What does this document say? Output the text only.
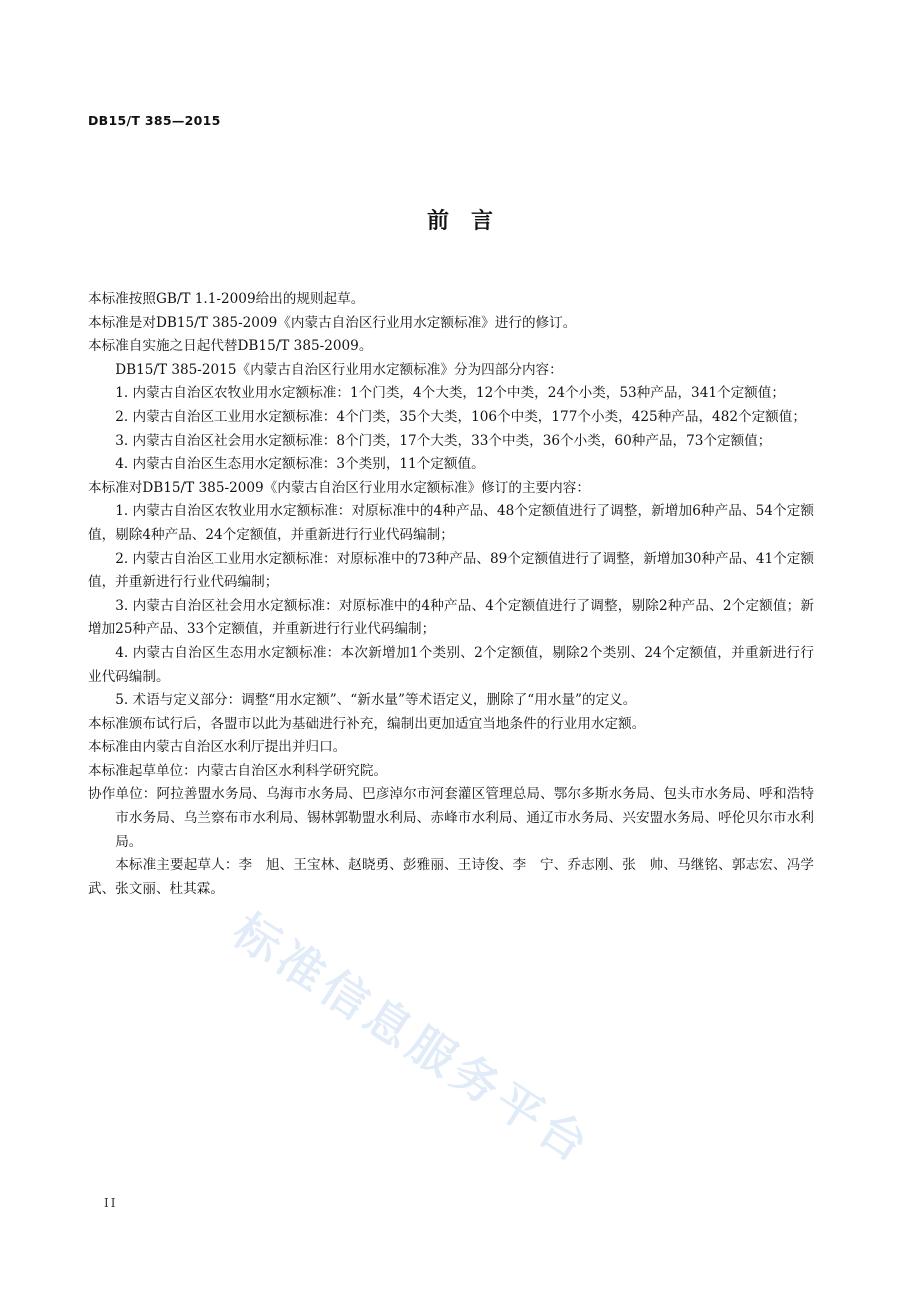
DB15/T 385—2015
前　言

本标准按照GB/T 1.1-2009给出的规则起草。

本标准是对DB15/T 385-2009《内蒙古自治区行业用水定额标准》进行的修订。

本标准自实施之日起代替DB15/T 385-2009。

DB15/T 385-2015《内蒙古自治区行业用水定额标准》分为四部分内容：

1. 内蒙古自治区农牧业用水定额标准：1个门类，4个大类，12个中类，24个小类，53种产品，341个定额值；

2. 内蒙古自治区工业用水定额标准：4个门类，35个大类，106个中类，177个小类，425种产品，482个定额值；

3. 内蒙古自治区社会用水定额标准：8个门类，17个大类，33个中类，36个小类，60种产品，73个定额值；

4. 内蒙古自治区生态用水定额标准：3个类别，11个定额值。

本标准对DB15/T 385-2009《内蒙古自治区行业用水定额标准》修订的主要内容：

1. 内蒙古自治区农牧业用水定额标准：对原标准中的4种产品、48个定额值进行了调整，新增加6种产品、54个定额值，剔除4种产品、24个定额值，并重新进行行业代码编制；

2. 内蒙古自治区工业用水定额标准：对原标准中的73种产品、89个定额值进行了调整，新增加30种产品、41个定额值，并重新进行行业代码编制；

3. 内蒙古自治区社会用水定额标准：对原标准中的4种产品、4个定额值进行了调整，剔除2种产品、2个定额值；新增加25种产品、33个定额值，并重新进行行业代码编制；

4. 内蒙古自治区生态用水定额标准：本次新增加1个类别、2个定额值，剔除2个类别、24个定额值，并重新进行行业代码编制。

5. 术语与定义部分：调整“用水定额”、“新水量”等术语定义，删除了“用水量”的定义。

本标准颁布试行后，各盟市以此为基础进行补充，编制出更加适宜当地条件的行业用水定额。

本标准由内蒙古自治区水利厅提出并归口。

本标准起草单位：内蒙古自治区水利科学研究院。

协作单位：阿拉善盟水务局、乌海市水务局、巴彦淖尔市河套灌区管理总局、鄂尔多斯水务局、包头市水务局、呼和浩特市水务局、乌兰察布市水利局、锡林郭勒盟水利局、赤峰市水利局、通辽市水务局、兴安盟水务局、呼伦贝尔市水利局。

本标准主要起草人：李　旭、王宝林、赵晓勇、彭雅丽、王诗俊、李　宁、乔志刚、张　帅、马继铭、郭志宏、冯学武、张文丽、杜其霖。

标准信息服务平台
II
